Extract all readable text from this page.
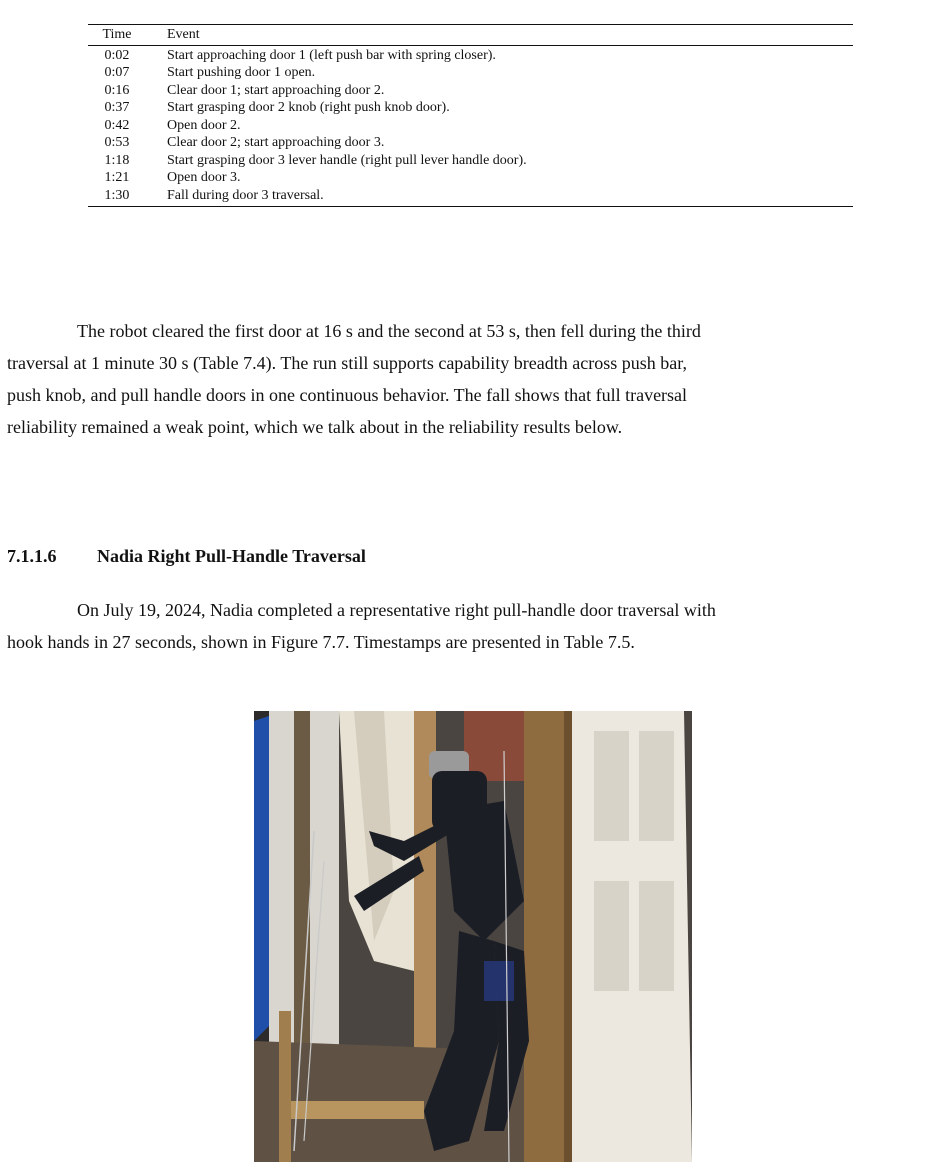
Time	Event
0:02	Start approaching door 1 (left push bar with spring closer).
0:07	Start pushing door 1 open.
0:16	Clear door 1; start approaching door 2.
0:37	Start grasping door 2 knob (right push knob door).
0:42	Open door 2.
0:53	Clear door 2; start approaching door 3.
1:18	Start grasping door 3 lever handle (right pull lever handle door).
1:21	Open door 3.
1:30	Fall during door 3 traversal.

The robot cleared the first door at 16 s and the second at 53 s, then fell during the third
traversal at 1 minute 30 s (Table 7.4). The run still supports capability breadth across push bar,
push knob, and pull handle doors in one continuous behavior. The fall shows that full traversal
reliability remained a weak point, which we talk about in the reliability results below.

7.1.1.6 Nadia Right Pull-Handle Traversal

On July 19, 2024, Nadia completed a representative right pull-handle door traversal with
hook hands in 27 seconds, shown in Figure 7.7. Timestamps are presented in Table 7.5.
